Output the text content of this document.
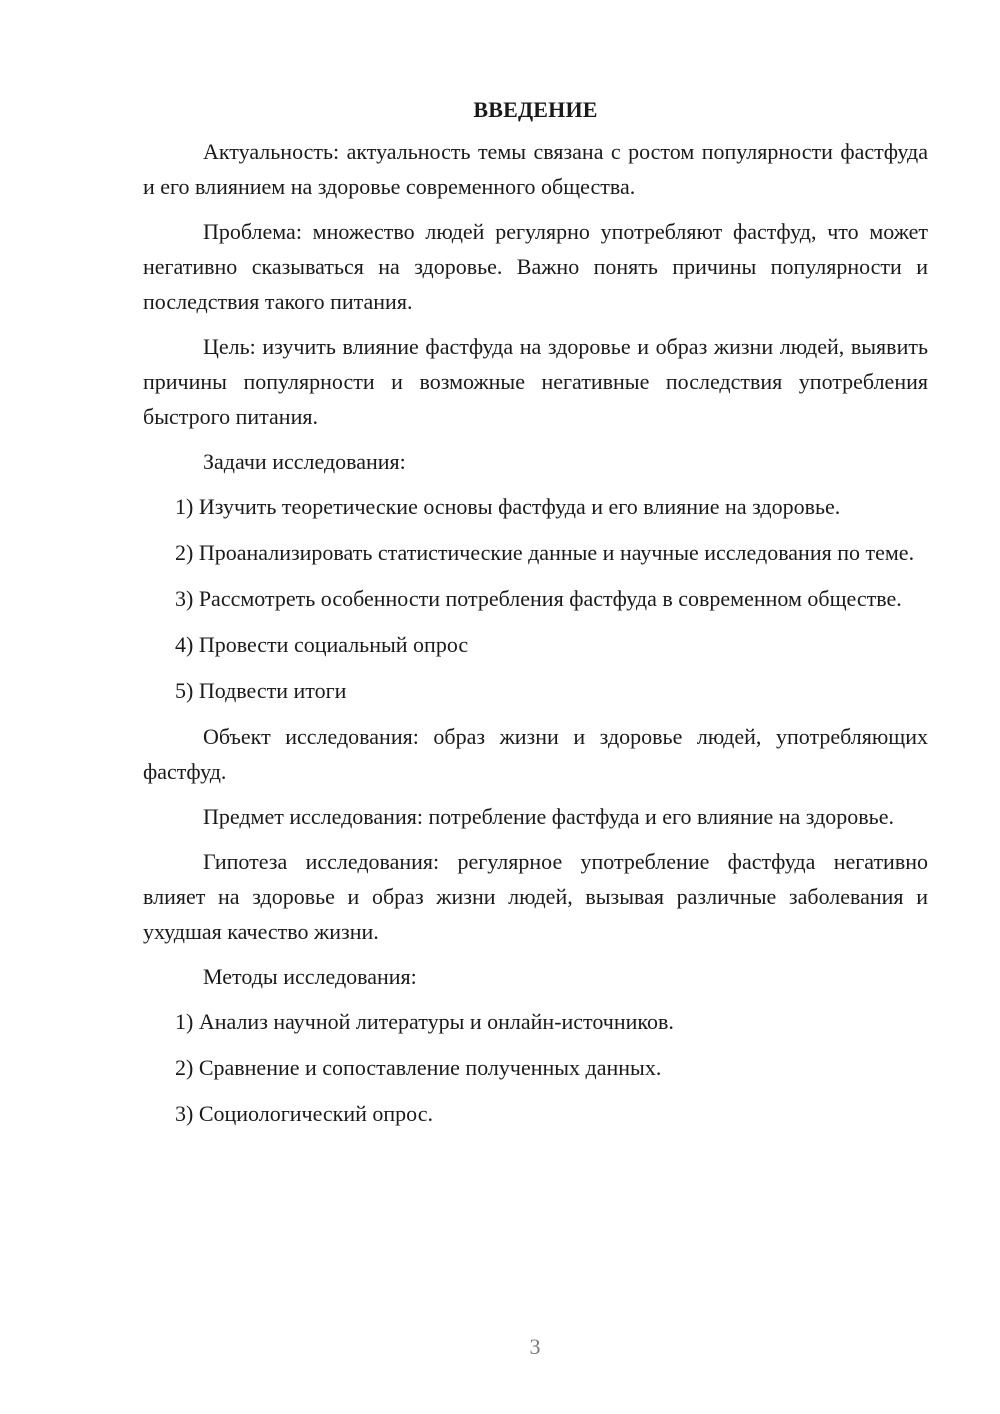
ВВЕДЕНИЕ

Актуальность: актуальность темы связана с ростом популярности фастфуда и его влиянием на здоровье современного общества.

Проблема: множество людей регулярно употребляют фастфуд, что может негативно сказываться на здоровье. Важно понять причины популярности и последствия такого питания.

Цель: изучить влияние фастфуда на здоровье и образ жизни людей, выявить причины популярности и возможные негативные последствия употребления быстрого питания.

Задачи исследования:

1) Изучить теоретические основы фастфуда и его влияние на здоровье.

2) Проанализировать статистические данные и научные исследования по теме.

3) Рассмотреть особенности потребления фастфуда в современном обществе.

4) Провести социальный опрос

5) Подвести итоги

Объект исследования: образ жизни и здоровье людей, употребляющих фастфуд.

Предмет исследования: потребление фастфуда и его влияние на здоровье.

Гипотеза исследования: регулярное употребление фастфуда негативно влияет на здоровье и образ жизни людей, вызывая различные заболевания и ухудшая качество жизни.

Методы исследования:

1) Анализ научной литературы и онлайн-источников.

2) Сравнение и сопоставление полученных данных.

3) Социологический опрос.

3
